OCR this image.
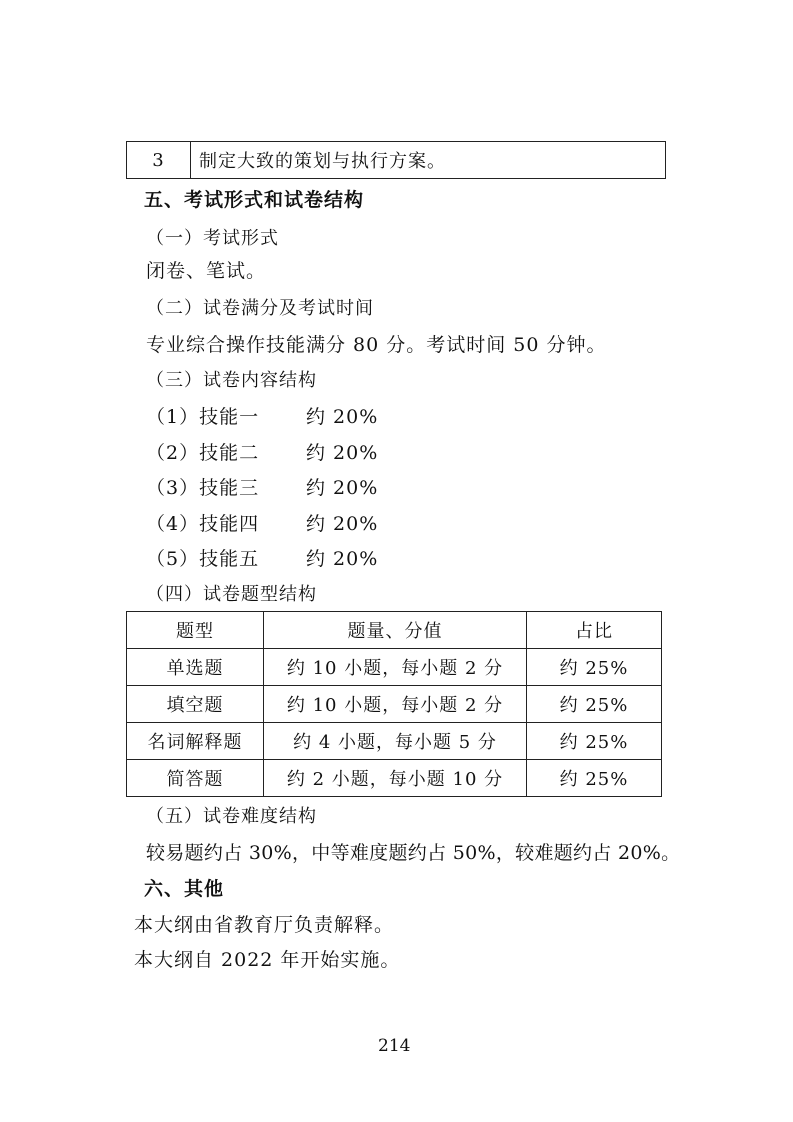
3	制定大致的策划与执行方案。
五、考试形式和试卷结构
（一）考试形式
闭卷、笔试。
（二）试卷满分及考试时间
专业综合操作技能满分 80 分。考试时间 50 分钟。
（三）试卷内容结构
（1）技能一 约 20%
（2）技能二 约 20%
（3）技能三 约 20%
（4）技能四 约 20%
（5）技能五 约 20%
（四）试卷题型结构
题型	题量、分值	占比
单选题	约 10 小题，每小题 2 分	约 25%
填空题	约 10 小题，每小题 2 分	约 25%
名词解释题	约 4 小题，每小题 5 分	约 25%
简答题	约 2 小题，每小题 10 分	约 25%
（五）试卷难度结构
较易题约占 30%，中等难度题约占 50%，较难题约占 20%。
六、其他
本大纲由省教育厅负责解释。
本大纲自 2022 年开始实施。
214
